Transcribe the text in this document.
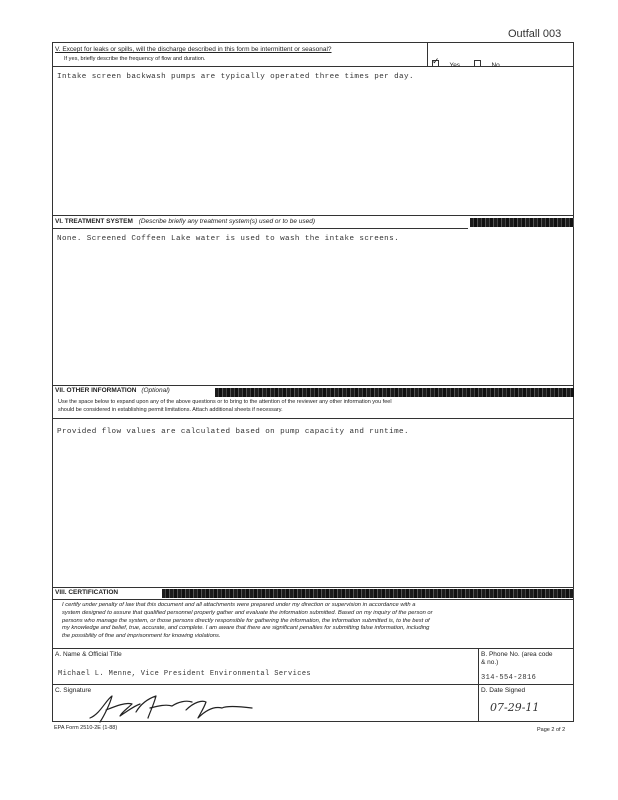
Outfall 003
V. Except for leaks or spills, will the discharge described in this form be intermittent or seasonal?
If yes, briefly describe the frequency of flow and duration.
✓ Yes	No
Intake screen backwash pumps are typically operated three times per day.
VI. TREATMENT SYSTEM (Describe briefly any treatment system(s) used or to be used)
None. Screened Coffeen Lake water is used to wash the intake screens.
VII. OTHER INFORMATION (Optional)
Use the space below to expand upon any of the above questions or to bring to the attention of the reviewer any other information you feel
should be considered in establishing permit limitations. Attach additional sheets if necessary.
Provided flow values are calculated based on pump capacity and runtime.
VIII. CERTIFICATION
I certify under penalty of law that this document and all attachments were prepared under my direction or supervision in accordance with a
system designed to assure that qualified personnel properly gather and evaluate the information submitted. Based on my inquiry of the person or
persons who manage the system, or those persons directly responsible for gathering the information, the information submitted is, to the best of
my knowledge and belief, true, accurate, and complete. I am aware that there are significant penalties for submitting false information, including
the possibility of fine and imprisonment for knowing violations.
A. Name & Official Title
Michael L. Menne, Vice President Environmental Services
B. Phone No. (area code
& no.)
314-554-2816
C. Signature	D. Date Signed
07-29-11
EPA Form 2510-2E (1-88)	Page 2 of 2
